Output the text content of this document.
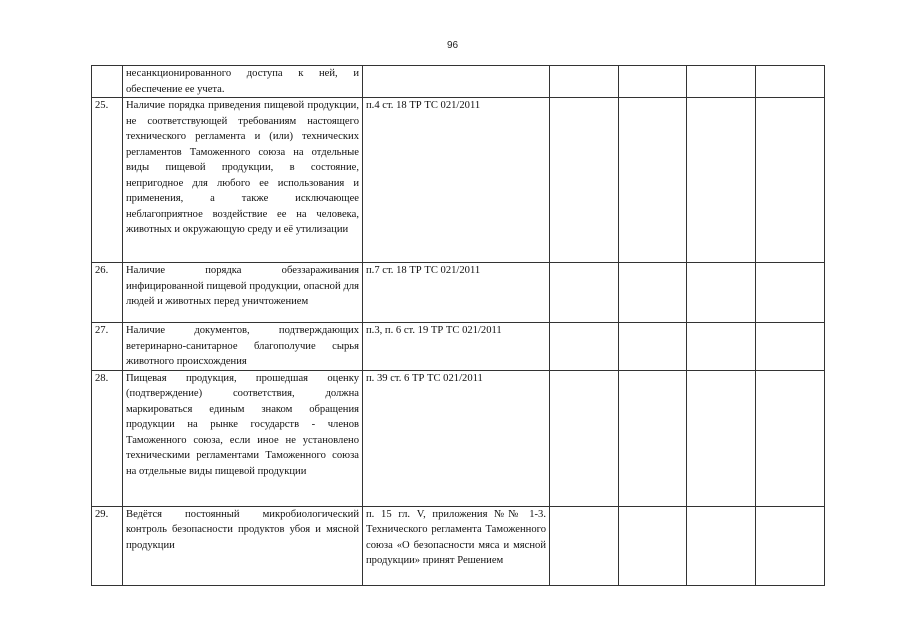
96

	несанкционированного доступа к ней, и обеспечение ее учета.					

25.	Наличие порядка приведения пищевой продукции, не соответствующей требованиям настоящего технического регламента и (или) технических регламентов Таможенного союза на отдельные виды пищевой продукции, в состояние, непригодное для любого ее использования и применения, а также исключающее неблагоприятное воздействие ее на человека, животных и окружающую среду и её утилизации	п.4 ст. 18 ТР ТС 021/2011				
26.	Наличие порядка обеззараживания инфицированной пищевой продукции, опасной для людей и животных перед уничтожением	п.7 ст. 18 ТР ТС 021/2011				
27.	Наличие документов, подтверждающих ветеринарно-санитарное благополучие сырья животного происхождения	п.3, п. 6 ст. 19 ТР ТС 021/2011				
28.	Пищевая продукция, прошедшая оценку (подтверждение) соответствия, должна маркироваться единым знаком обращения продукции на рынке государств - членов Таможенного союза, если иное не установлено техническими регламентами Таможенного союза на отдельные виды пищевой продукции	п. 39 ст. 6 ТР ТС 021/2011				
29.	Ведётся постоянный микробиологический контроль безопасности продуктов убоя и мясной продукции	п. 15 гл. V, приложения №№ 1-3. Технического регламента Таможенного союза «О безопасности мяса и мясной продукции» принят Решением				
